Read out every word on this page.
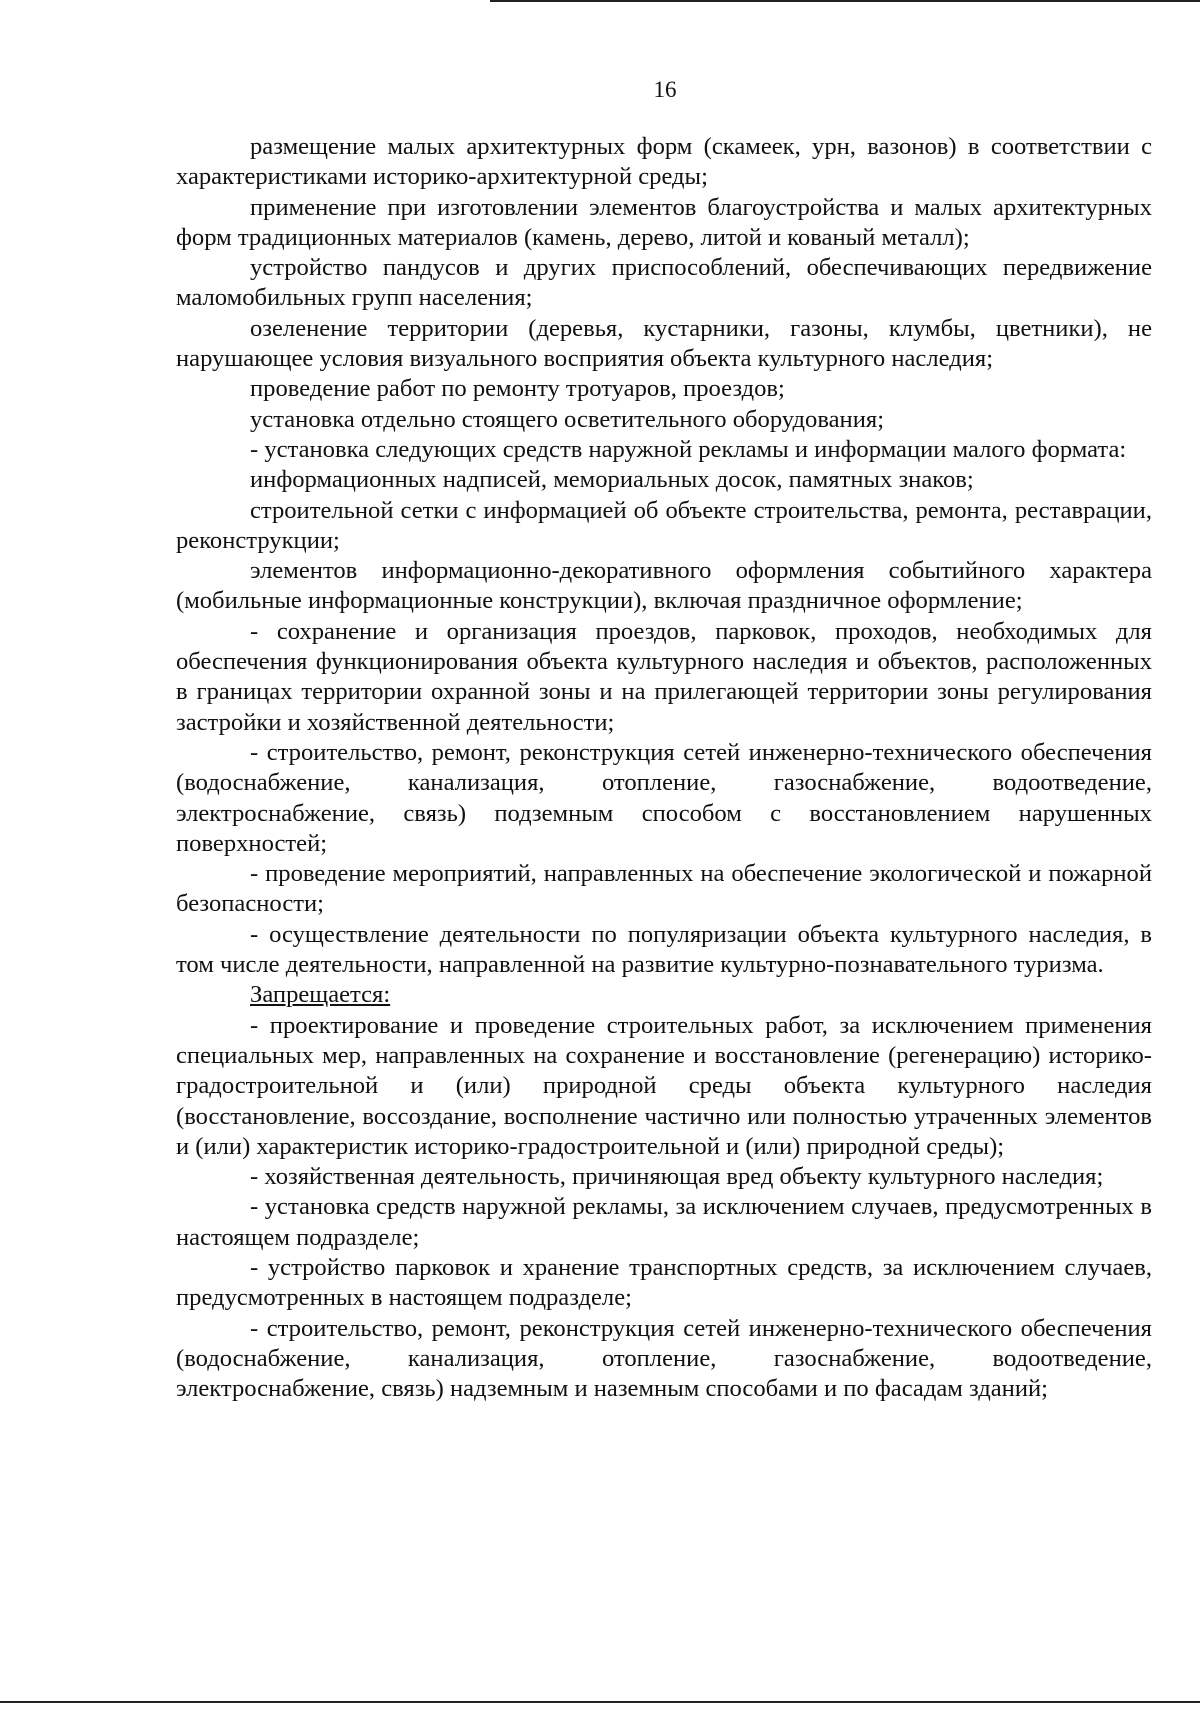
16

размещение малых архитектурных форм (скамеек, урн, вазонов) в соответствии с характеристиками историко-архитектурной среды;

применение при изготовлении элементов благоустройства и малых архитектурных форм традиционных материалов (камень, дерево, литой и кованый металл);

устройство пандусов и других приспособлений, обеспечивающих передвижение маломобильных групп населения;

озеленение территории (деревья, кустарники, газоны, клумбы, цветники), не нарушающее условия визуального восприятия объекта культурного наследия;

проведение работ по ремонту тротуаров, проездов;

установка отдельно стоящего осветительного оборудования;

- установка следующих средств наружной рекламы и информации малого формата:

информационных надписей, мемориальных досок, памятных знаков;

строительной сетки с информацией об объекте строительства, ремонта, реставрации, реконструкции;

элементов информационно-декоративного оформления событийного характера (мобильные информационные конструкции), включая праздничное оформление;

- сохранение и организация проездов, парковок, проходов, необходимых для обеспечения функционирования объекта культурного наследия и объектов, расположенных в границах территории охранной зоны и на прилегающей территории зоны регулирования застройки и хозяйственной деятельности;

- строительство, ремонт, реконструкция сетей инженерно-технического обеспечения (водоснабжение, канализация, отопление, газоснабжение, водоотведение, электроснабжение, связь) подземным способом с восстановлением нарушенных поверхностей;

- проведение мероприятий, направленных на обеспечение экологической и пожарной безопасности;

- осуществление деятельности по популяризации объекта культурного наследия, в том числе деятельности, направленной на развитие культурно-познавательного туризма.

Запрещается:

- проектирование и проведение строительных работ, за исключением применения специальных мер, направленных на сохранение и восстановление (регенерацию) историко-градостроительной и (или) природной среды объекта культурного наследия (восстановление, воссоздание, восполнение частично или полностью утраченных элементов и (или) характеристик историко-градостроительной и (или) природной среды);

- хозяйственная деятельность, причиняющая вред объекту культурного наследия;

- установка средств наружной рекламы, за исключением случаев, предусмотренных в настоящем подразделе;

- устройство парковок и хранение транспортных средств, за исключением случаев, предусмотренных в настоящем подразделе;

- строительство, ремонт, реконструкция сетей инженерно-технического обеспечения (водоснабжение, канализация, отопление, газоснабжение, водоотведение, электроснабжение, связь) надземным и наземным способами и по фасадам зданий;
